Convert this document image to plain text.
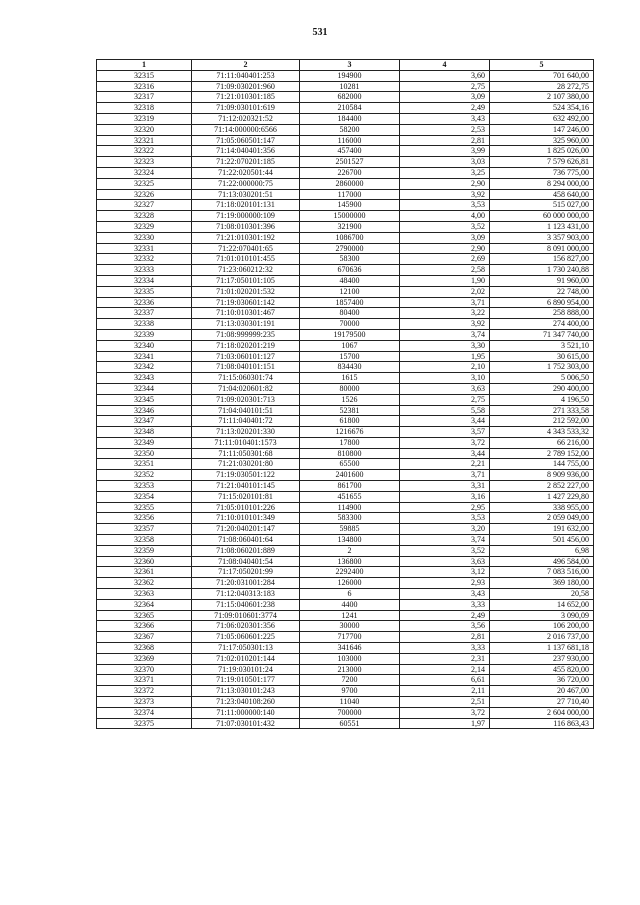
531
1	2	3	4	5
32315	71:11:040401:253	194900	3,60	701 640,00
32316	71:09:030201:960	10281	2,75	28 272,75
32317	71:21:010301:185	682000	3,09	2 107 380,00
32318	71:09:030101:619	210584	2,49	524 354,16
32319	71:12:020321:52	184400	3,43	632 492,00
32320	71:14:000000:6566	58200	2,53	147 246,00
32321	71:05:060501:147	116000	2,81	325 960,00
32322	71:14:040401:356	457400	3,99	1 825 026,00
32323	71:22:070201:185	2501527	3,03	7 579 626,81
32324	71:22:020501:44	226700	3,25	736 775,00
32325	71:22:000000:75	2860000	2,90	8 294 000,00
32326	71:13:030201:51	117000	3,92	458 640,00
32327	71:18:020101:131	145900	3,53	515 027,00
32328	71:19:000000:109	15000000	4,00	60 000 000,00
32329	71:08:010301:396	321900	3,52	1 123 431,00
32330	71:21:010301:192	1086700	3,09	3 357 903,00
32331	71:22:070401:65	2790000	2,90	8 091 000,00
32332	71:01:010101:455	58300	2,69	156 827,00
32333	71:23:060212:32	670636	2,58	1 730 240,88
32334	71:17:050101:105	48400	1,90	91 960,00
32335	71:01:020201:532	12100	2,02	22 748,00
32336	71:19:030601:142	1857400	3,71	6 890 954,00
32337	71:10:010301:467	80400	3,22	258 888,00
32338	71:13:030301:191	70000	3,92	274 400,00
32339	71:08:999999:235	19179500	3,74	71 347 740,00
32340	71:18:020201:219	1067	3,30	3 521,10
32341	71:03:060101:127	15700	1,95	30 615,00
32342	71:08:040101:151	834430	2,10	1 752 303,00
32343	71:15:060301:74	1615	3,10	5 006,50
32344	71:04:020601:82	80000	3,63	290 400,00
32345	71:09:020301:713	1526	2,75	4 196,50
32346	71:04:040101:51	52381	5,58	271 333,58
32347	71:11:040401:72	61800	3,44	212 592,00
32348	71:13:020201:330	1216676	3,57	4 343 533,32
32349	71:11:010401:1573	17800	3,72	66 216,00
32350	71:11:050301:68	810800	3,44	2 789 152,00
32351	71:21:030201:80	65500	2,21	144 755,00
32352	71:19:030501:122	2401600	3,71	8 909 936,00
32353	71:21:040101:145	861700	3,31	2 852 227,00
32354	71:15:020101:81	451655	3,16	1 427 229,80
32355	71:05:010101:226	114900	2,95	338 955,00
32356	71:10:010101:349	583300	3,53	2 059 049,00
32357	71:20:040201:147	59885	3,20	191 632,00
32358	71:08:060401:64	134800	3,74	501 456,00
32359	71:08:060201:889	2	3,52	6,98
32360	71:08:040401:54	136800	3,63	496 584,00
32361	71:17:050201:99	2292400	3,12	7 083 516,00
32362	71:20:031001:284	126000	2,93	369 180,00
32363	71:12:040313:183	6	3,43	20,58
32364	71:15:040601:238	4400	3,33	14 652,00
32365	71:09:010601:3774	1241	2,49	3 090,09
32366	71:06:020301:356	30000	3,56	106 200,00
32367	71:05:060601:225	717700	2,81	2 016 737,00
32368	71:17:050301:13	341646	3,33	1 137 681,18
32369	71:02:010201:144	103000	2,31	237 930,00
32370	71:19:030101:24	213000	2,14	455 820,00
32371	71:19:010501:177	7200	6,61	36 720,00
32372	71:13:030101:243	9700	2,11	20 467,00
32373	71:23:040108:260	11040	2,51	27 710,40
32374	71:11:000000:140	700000	3,72	2 604 000,00
32375	71:07:030101:432	60551	1,97	116 863,43
